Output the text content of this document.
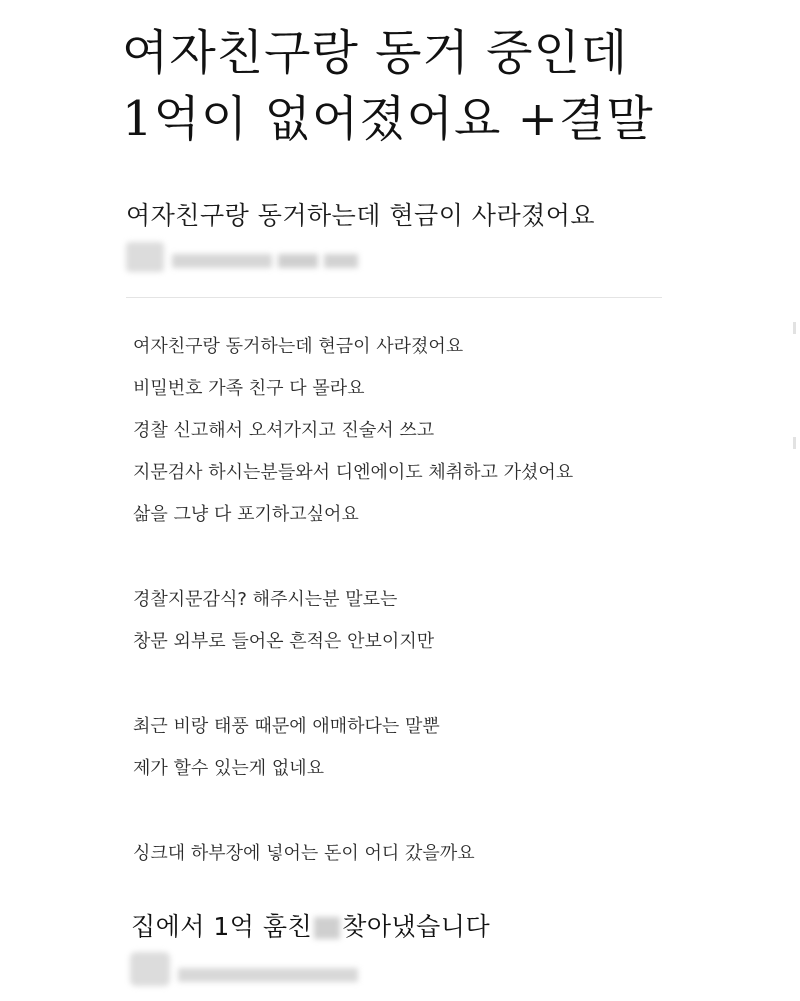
여자친구랑 동거 중인데
1억이 없어졌어요 +결말
여자친구랑 동거하는데 현금이 사라졌어요

여자친구랑 동거하는데 현금이 사라졌어요

비밀번호 가족 친구 다 몰라요

경찰 신고해서 오셔가지고 진술서 쓰고

지문검사 하시는분들와서 디엔에이도 체취하고 가셨어요

삶을 그냥 다 포기하고싶어요

경찰지문감식? 해주시는분 말로는

창문 외부로 들어온 흔적은 안보이지만

최근 비랑 태풍 때문에 애매하다는 말뿐

제가 할수 있는게 없네요

싱크대 하부장에 넣어는 돈이 어디 갔을까요

집에서 1억 훔친 찾아냈습니다
